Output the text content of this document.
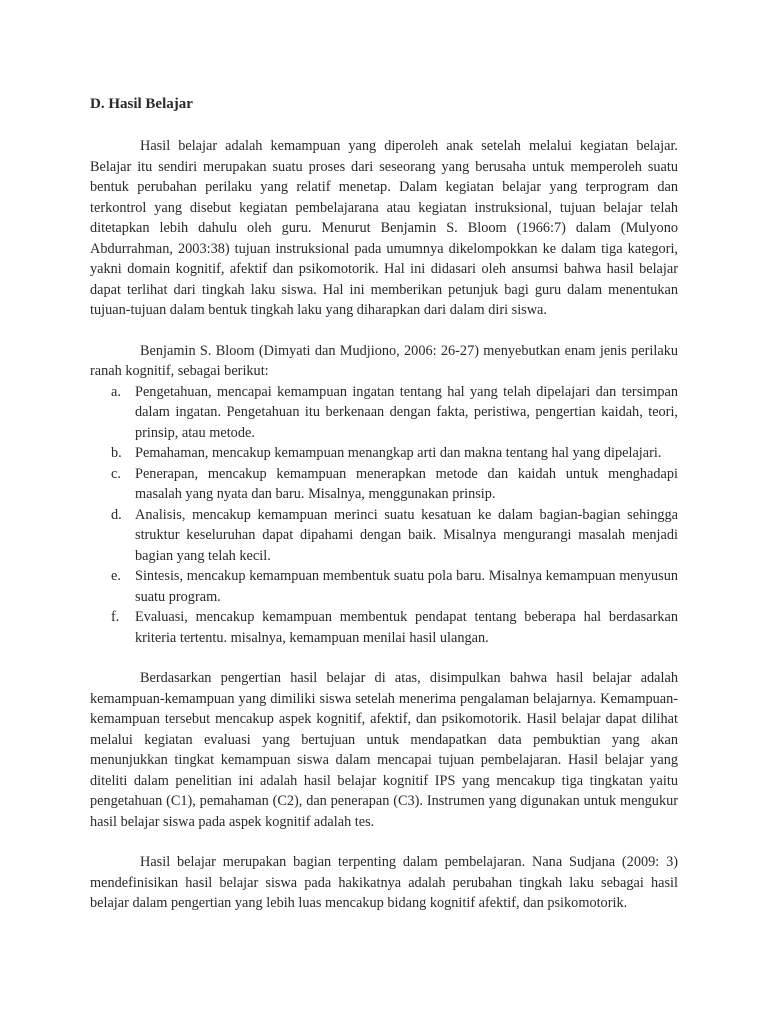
D. Hasil Belajar

Hasil belajar adalah kemampuan yang diperoleh anak setelah melalui kegiatan belajar. Belajar itu sendiri merupakan suatu proses dari seseorang yang berusaha untuk memperoleh suatu bentuk perubahan perilaku yang relatif menetap. Dalam kegiatan belajar yang terprogram dan terkontrol yang disebut kegiatan pembelajarana atau kegiatan instruksional, tujuan belajar telah ditetapkan lebih dahulu oleh guru. Menurut Benjamin S. Bloom (1966:7) dalam (Mulyono Abdurrahman, 2003:38) tujuan instruksional pada umumnya dikelompokkan ke dalam tiga kategori, yakni domain kognitif, afektif dan psikomotorik. Hal ini didasari oleh ansumsi bahwa hasil belajar dapat terlihat dari tingkah laku siswa. Hal ini memberikan petunjuk bagi guru dalam menentukan tujuan-tujuan dalam bentuk tingkah laku yang diharapkan dari dalam diri siswa.

Benjamin S. Bloom (Dimyati dan Mudjiono, 2006: 26-27) menyebutkan enam jenis perilaku ranah kognitif, sebagai berikut:

a. Pengetahuan, mencapai kemampuan ingatan tentang hal yang telah dipelajari dan tersimpan dalam ingatan. Pengetahuan itu berkenaan dengan fakta, peristiwa, pengertian kaidah, teori, prinsip, atau metode.
b. Pemahaman, mencakup kemampuan menangkap arti dan makna tentang hal yang dipelajari.
c. Penerapan, mencakup kemampuan menerapkan metode dan kaidah untuk menghadapi masalah yang nyata dan baru. Misalnya, menggunakan prinsip.
d. Analisis, mencakup kemampuan merinci suatu kesatuan ke dalam bagian-bagian sehingga struktur keseluruhan dapat dipahami dengan baik. Misalnya mengurangi masalah menjadi bagian yang telah kecil.
e. Sintesis, mencakup kemampuan membentuk suatu pola baru. Misalnya kemampuan menyusun suatu program.
f. Evaluasi, mencakup kemampuan membentuk pendapat tentang beberapa hal berdasarkan kriteria tertentu. misalnya, kemampuan menilai hasil ulangan.

Berdasarkan pengertian hasil belajar di atas, disimpulkan bahwa hasil belajar adalah kemampuan-kemampuan yang dimiliki siswa setelah menerima pengalaman belajarnya. Kemampuan-kemampuan tersebut mencakup aspek kognitif, afektif, dan psikomotorik. Hasil belajar dapat dilihat melalui kegiatan evaluasi yang bertujuan untuk mendapatkan data pembuktian yang akan menunjukkan tingkat kemampuan siswa dalam mencapai tujuan pembelajaran. Hasil belajar yang diteliti dalam penelitian ini adalah hasil belajar kognitif IPS yang mencakup tiga tingkatan yaitu pengetahuan (C1), pemahaman (C2), dan penerapan (C3). Instrumen yang digunakan untuk mengukur hasil belajar siswa pada aspek kognitif adalah tes.

Hasil belajar merupakan bagian terpenting dalam pembelajaran. Nana Sudjana (2009: 3) mendefinisikan hasil belajar siswa pada hakikatnya adalah perubahan tingkah laku sebagai hasil belajar dalam pengertian yang lebih luas mencakup bidang kognitif afektif, dan psikomotorik.
